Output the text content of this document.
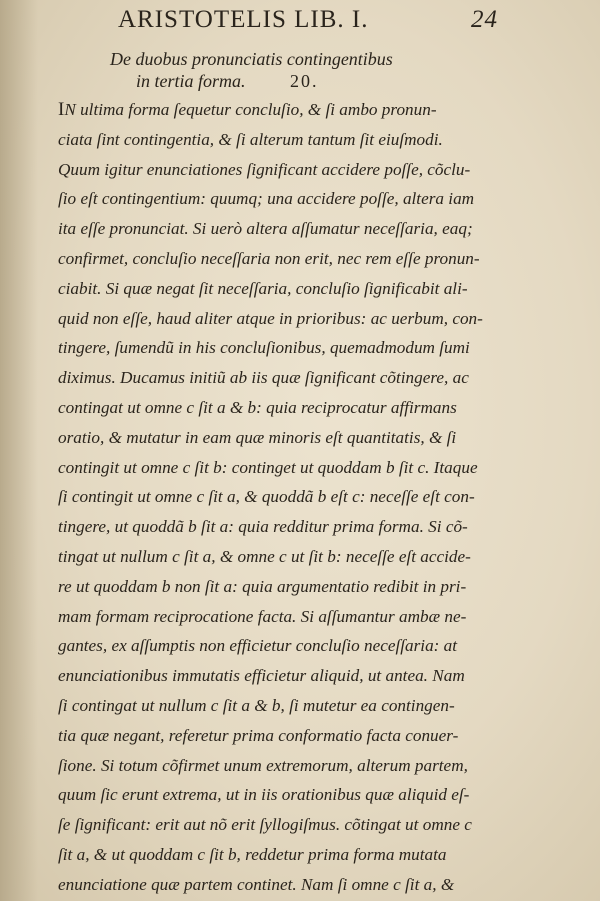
ARISTOTELIS LIB. I.	24
De duobus pronunciatis contingentibus
in tertia forma. 20.
IN ultima forma ſequetur concluſio, & ſi ambo pronun-
ciata ſint contingentia, & ſi alterum tantum ſit eiuſmodi.
Quum igitur enunciationes ſignificant accidere poſſe, cõclu-
ſio eſt contingentium: quumq; una accidere poſſe, altera iam
ita eſſe pronunciat. Si uerò altera aſſumatur neceſſaria, eaq;
confirmet, concluſio neceſſaria non erit, nec rem eſſe pronun-
ciabit. Si quæ negat ſit neceſſaria, concluſio ſignificabit ali-
quid non eſſe, haud aliter atque in prioribus: ac uerbum, con-
tingere, ſumendũ in his concluſionibus, quemadmodum ſumi
diximus. Ducamus initiũ ab iis quæ ſignificant cõtingere, ac
contingat ut omne c ſit a & b: quia reciprocatur affirmans
oratio, & mutatur in eam quæ minoris eſt quantitatis, & ſi
contingit ut omne c ſit b: continget ut quoddam b ſit c. Itaque
ſi contingit ut omne c ſit a, & quoddã b eſt c: neceſſe eſt con-
tingere, ut quoddã b ſit a: quia redditur prima forma. Si cõ-
tingat ut nullum c ſit a, & omne c ut ſit b: neceſſe eſt accide-
re ut quoddam b non ſit a: quia argumentatio redibit in pri-
mam formam reciprocatione facta. Si aſſumantur ambæ ne-
gantes, ex aſſumptis non efficietur concluſio neceſſaria: at
enunciationibus immutatis efficietur aliquid, ut antea. Nam
ſi contingat ut nullum c ſit a & b, ſi mutetur ea contingen-
tia quæ negant, referetur prima conformatio facta conuer-
ſione. Si totum cõfirmet unum extremorum, alterum partem,
quum ſic erunt extrema, ut in iis orationibus quæ aliquid eſ-
ſe ſignificant: erit aut nõ erit ſyllogiſmus. cõtingat ut omne c
ſit a, & ut quoddam c ſit b, reddetur prima forma mutata
enunciatione quæ partem continet. Nam ſi omne c ſit a, &
